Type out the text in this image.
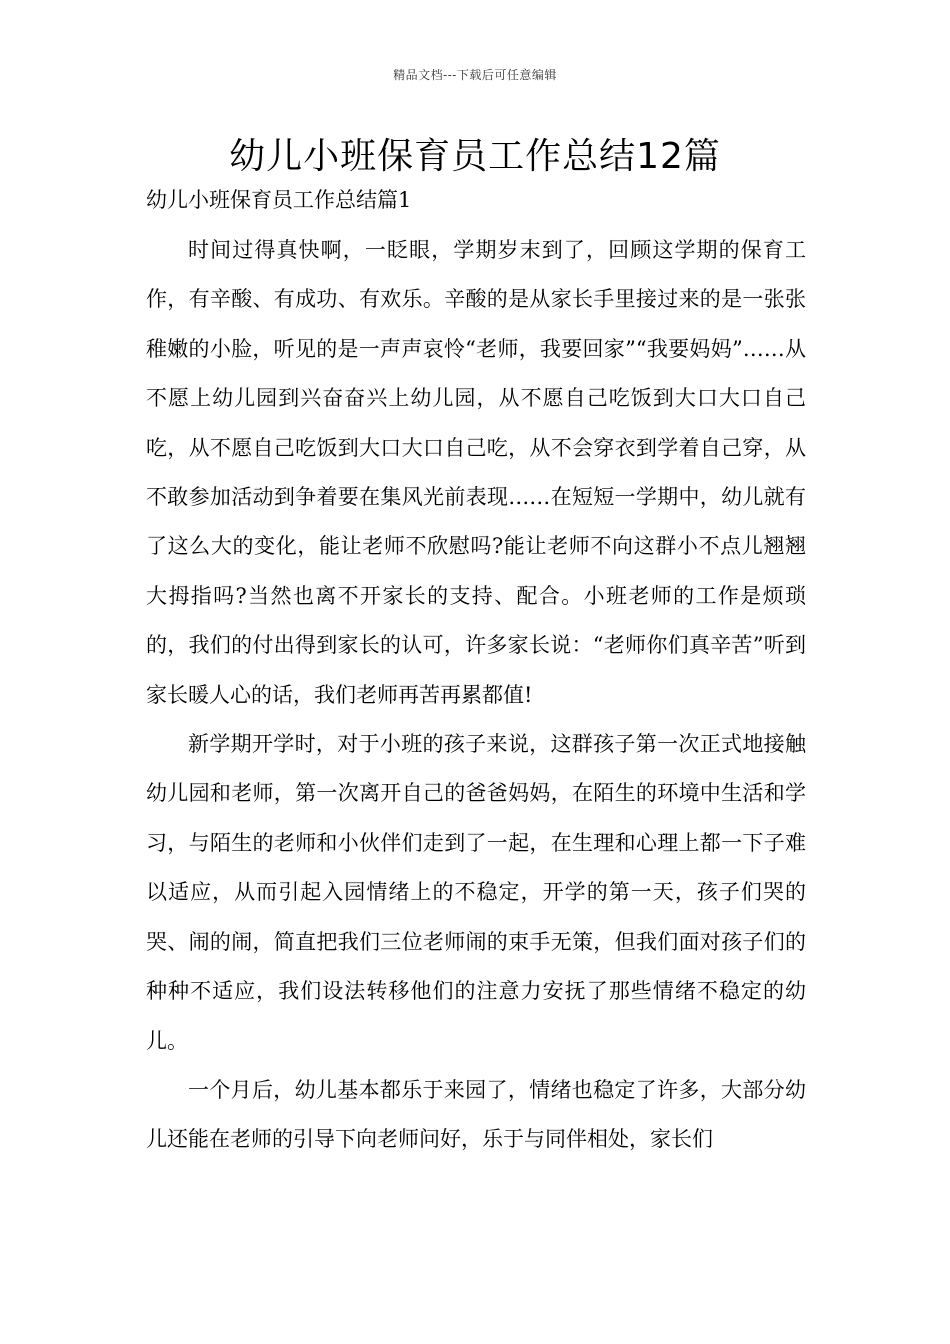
精品文档---下载后可任意编辑
幼儿小班保育员工作总结12篇

幼儿小班保育员工作总结篇1

时间过得真快啊，一眨眼，学期岁末到了，回顾这学期的保育工作，有辛酸、有成功、有欢乐。辛酸的是从家长手里接过来的是一张张稚嫩的小脸，听见的是一声声哀怜“老师，我要回家”“我要妈妈”……从不愿上幼儿园到兴奋奋兴上幼儿园，从不愿自己吃饭到大口大口自己吃，从不愿自己吃饭到大口大口自己吃，从不会穿衣到学着自己穿，从不敢参加活动到争着要在集风光前表现……在短短一学期中，幼儿就有了这么大的变化，能让老师不欣慰吗?能让老师不向这群小不点儿翘翘大拇指吗?当然也离不开家长的支持、配合。小班老师的工作是烦琐的，我们的付出得到家长的认可，许多家长说：“老师你们真辛苦”听到家长暖人心的话，我们老师再苦再累都值!

新学期开学时，对于小班的孩子来说，这群孩子第一次正式地接触幼儿园和老师，第一次离开自己的爸爸妈妈，在陌生的环境中生活和学习，与陌生的老师和小伙伴们走到了一起，在生理和心理上都一下子难以适应，从而引起入园情绪上的不稳定，开学的第一天，孩子们哭的哭、闹的闹，简直把我们三位老师闹的束手无策，但我们面对孩子们的种种不适应，我们设法转移他们的注意力安抚了那些情绪不稳定的幼儿。

一个月后，幼儿基本都乐于来园了，情绪也稳定了许多，大部分幼儿还能在老师的引导下向老师问好，乐于与同伴相处，家长们
